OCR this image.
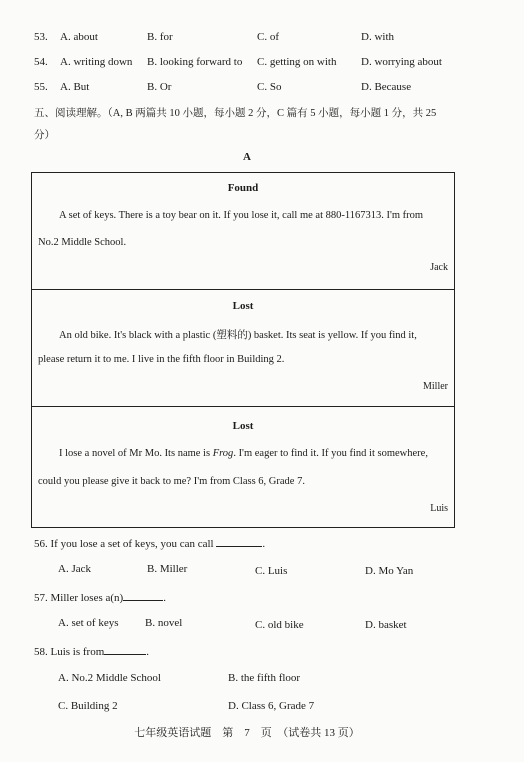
53. A. about	B. for	C. of	D. with
54. A. writing down B. looking forward to C. getting on with D. worrying about
55. A. But	B. Or	C. So	D. Because
五、阅读理解。（A, B 两篇共 10 小题，每小题 2 分，C 篇有 5 小题，每小题 1 分，共 25
分）
A
Found
A set of keys. There is a toy bear on it. If you lose it, call me at 880-1167313. I'm from
No.2 Middle School.
Jack
Lost
An old bike. It's black with a plastic (塑料的) basket. Its seat is yellow. If you find it,
please return it to me. I live in the fifth floor in Building 2.
Miller
Lost
I lose a novel of Mr Mo. Its name is Frog. I'm eager to find it. If you find it somewhere,
could you please give it back to me? I'm from Class 6, Grade 7.
Luis
56. If you lose a set of keys, you can call	.
A. Jack	B. Miller	C. Luis	D. Mo Yan
57. Miller loses a(n)	.
A. set of keys B. novel	C. old bike	D. basket
58. Luis is from	.
A. No.2 Middle School	B. the fifth floor
C. Building 2	D. Class 6, Grade 7
七年级英语试题　第　7　页　（试卷共 13 页）
